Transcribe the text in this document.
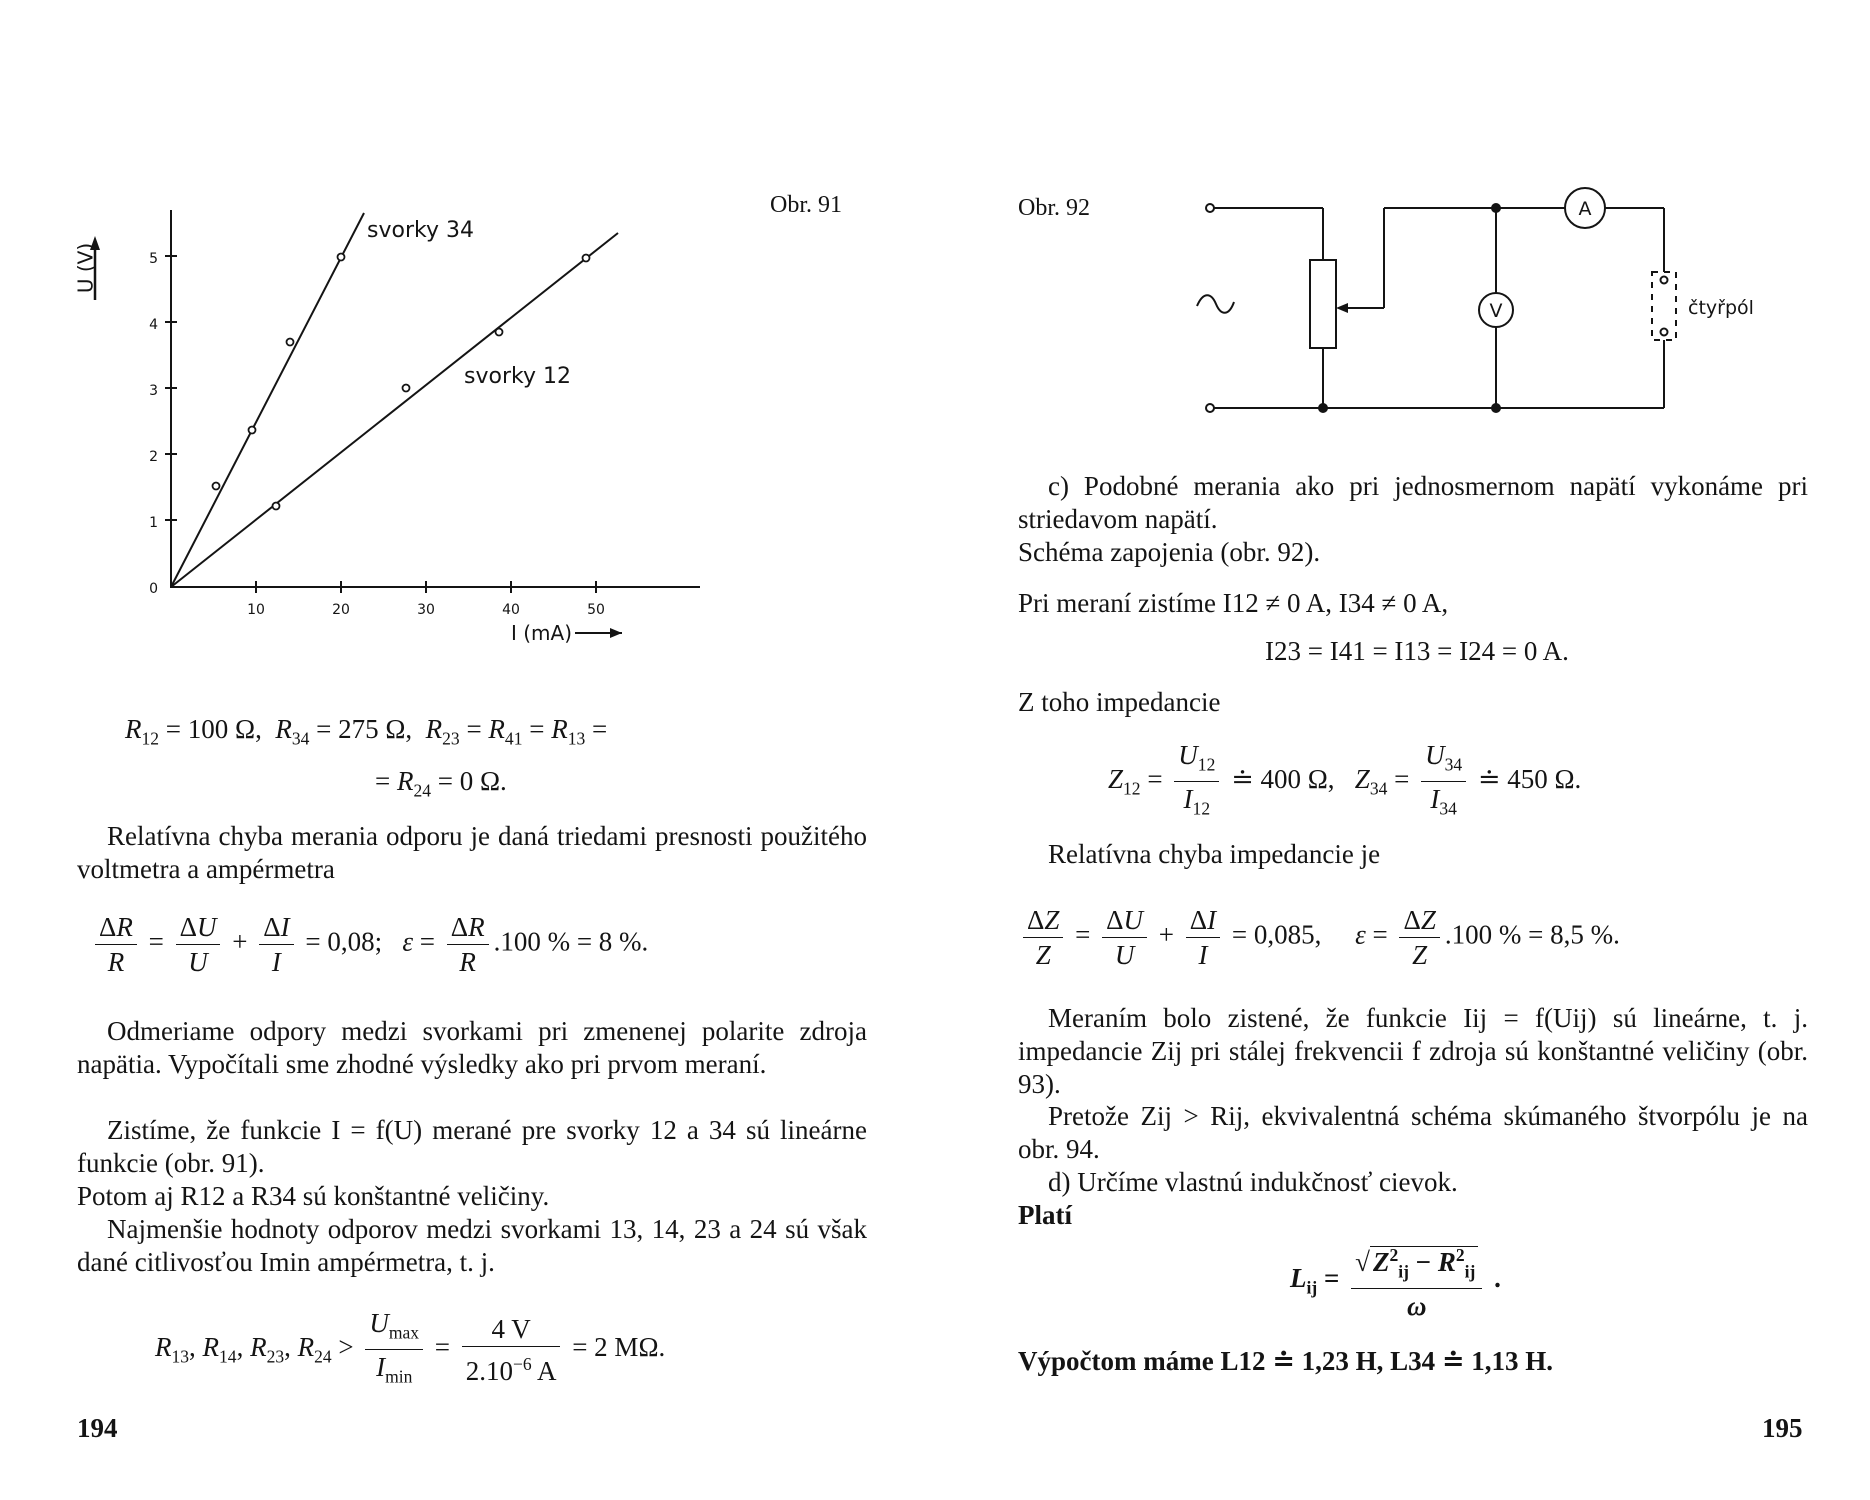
Obr. 91
0
1
2
3
4
5
10	20	30	40	50
U (V)
I (mA)
svorky 34
svorky 12
$R_{12} = 100$ Ω,  $R_{34} = 275$ Ω,  $R_{23} = R_{41} = R_{13}$ =
= $R_{24} = 0$ Ω.

Relatívna chyba merania odporu je daná triedami presnosti použitého voltmetra a ampérmetra

$\frac{\Delta R}{R} = \frac{\Delta U}{U} + \frac{\Delta I}{I} = 0,08$; $\varepsilon = \frac{\Delta R}{R} .100$ % = 8 %.

Odmeriame odpory medzi svorkami pri zmenenej polarite zdroja napätia. Vypočítali sme zhodné výsledky ako pri prvom meraní.

Zistíme, že funkcie I = f(U) merané pre svorky 12 a 34 sú lineárne funkcie (obr. 91).

Potom aj R12 a R34 sú konštantné veličiny.

Najmenšie hodnoty odporov medzi svorkami 13, 14, 23 a 24 sú však dané citlivosťou Imin ampérmetra, t. j.

$R_{13}$, $R_{14}$, $R_{23}$, $R_{24} > \frac{U_{max}}{I_{min}} = \frac{4 V}{2.10^{-6} A} = 2$ MΩ.
194
Obr. 92	A
V	čtyřpól

c) Podobné merania ako pri jednosmernom napätí vykonáme pri striedavom napätí.

Schéma zapojenia (obr. 92).

Pri meraní zistíme I12 ≠ 0 A, I34 ≠ 0 A,

I23 = I41 = I13 = I24 = 0 A.

Z toho impedancie

$Z_{12} = \frac{U_{12}}{I_{12}}$ ≐ 400 Ω, $Z_{34} = \frac{U_{34}}{I_{34}}$ ≐ 450 Ω.

Relatívna chyba impedancie je

$\frac{\Delta Z}{Z} = \frac{\Delta U}{U} + \frac{\Delta I}{I} = 0,085$, $\varepsilon = \frac{\Delta Z}{Z} .100$ % = 8,5 %.

Meraním bolo zistené, že funkcie Iij = f(Uij) sú lineárne, t. j. impedancie Zij pri stálej frekvencii f zdroja sú konštantné veličiny (obr. 93).

Pretože Zij > Rij, ekvivalentná schéma skúmaného štvorpólu je na obr. 94.

d) Určíme vlastnú indukčnosť cievok.

Platí

$L_{ij} = \frac{√ Z^2_{ij} - R^2_{ij}}{\omega}$ .

Výpočtom máme L12 ≐ 1,23 H, L34 ≐ 1,13 H.

195
